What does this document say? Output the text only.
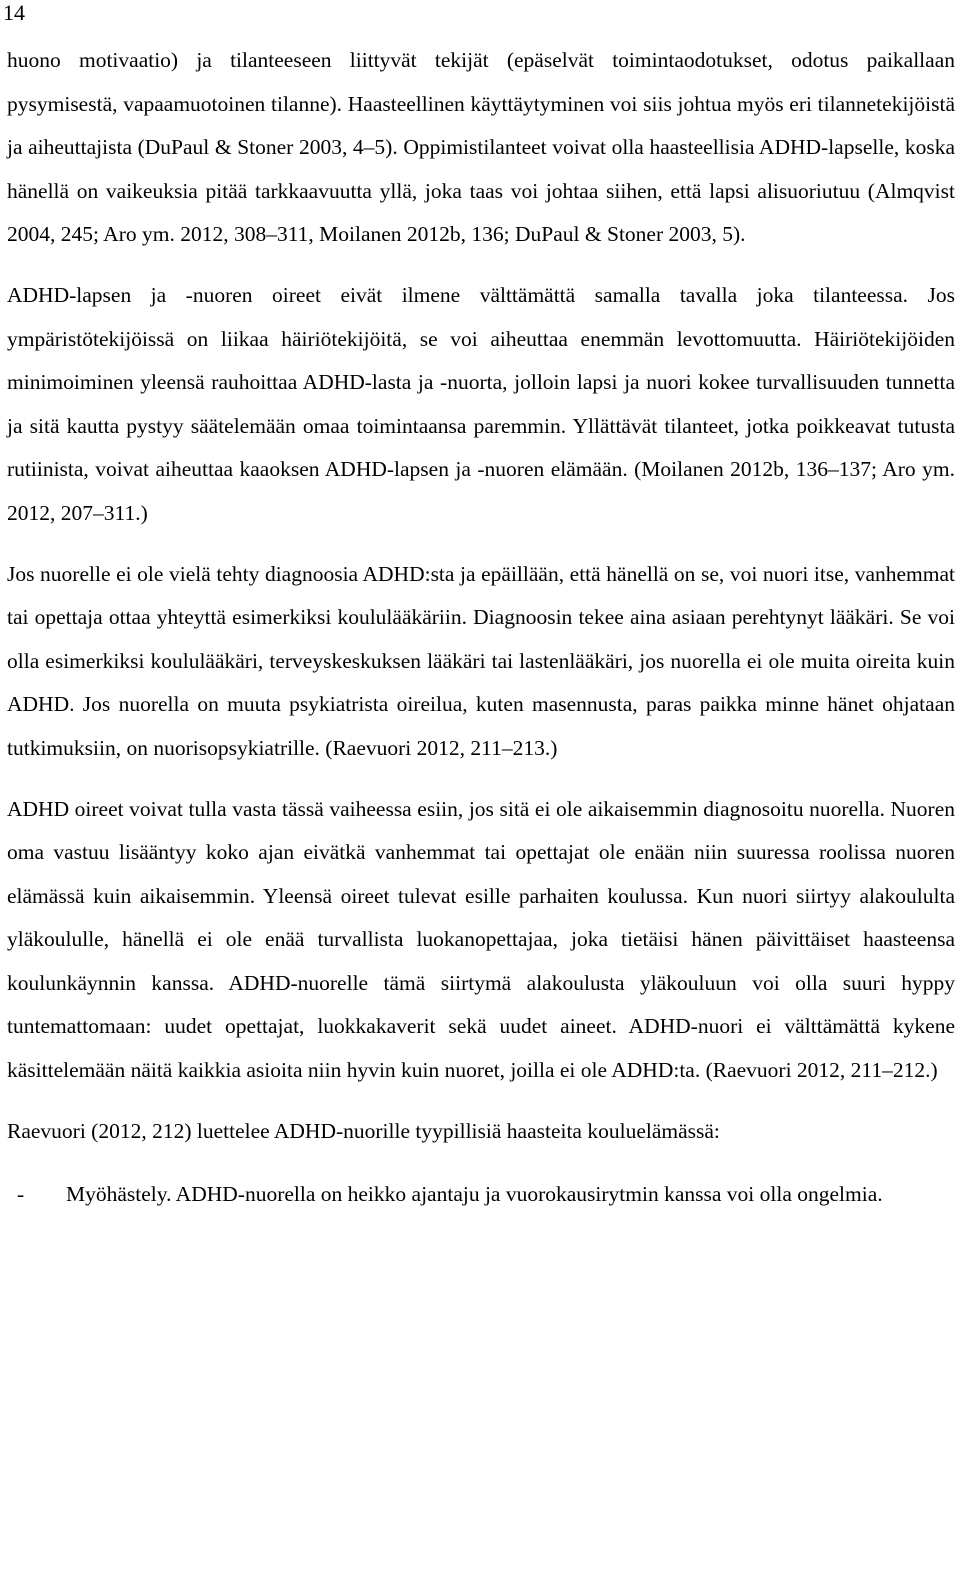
14

huono motivaatio) ja tilanteeseen liittyvät tekijät (epäselvät toimintaodotukset, odotus paikallaan pysymisestä, vapaamuotoinen tilanne). Haasteellinen käyttäytyminen voi siis johtua myös eri tilannetekijöistä ja aiheuttajista (DuPaul & Stoner 2003, 4–5). Oppimistilanteet voivat olla haasteellisia ADHD-lapselle, koska hänellä on vaikeuksia pitää tarkkaavuutta yllä, joka taas voi johtaa siihen, että lapsi alisuoriutuu (Almqvist 2004, 245; Aro ym. 2012, 308–311, Moilanen 2012b, 136; DuPaul & Stoner 2003, 5).

ADHD-lapsen ja -nuoren oireet eivät ilmene välttämättä samalla tavalla joka tilanteessa. Jos ympäristötekijöissä on liikaa häiriötekijöitä, se voi aiheuttaa enemmän levottomuutta. Häiriötekijöiden minimoiminen yleensä rauhoittaa ADHD-lasta ja -nuorta, jolloin lapsi ja nuori kokee turvallisuuden tunnetta ja sitä kautta pystyy säätelemään omaa toimintaansa paremmin. Yllättävät tilanteet, jotka poikkeavat tutusta rutiinista, voivat aiheuttaa kaaoksen ADHD-lapsen ja -nuoren elämään. (Moilanen 2012b, 136–137; Aro ym. 2012, 207–311.)

Jos nuorelle ei ole vielä tehty diagnoosia ADHD:sta ja epäillään, että hänellä on se, voi nuori itse, vanhemmat tai opettaja ottaa yhteyttä esimerkiksi koululääkäriin. Diagnoosin tekee aina asiaan perehtynyt lääkäri. Se voi olla esimerkiksi koululääkäri, terveyskeskuksen lääkäri tai lastenlääkäri, jos nuorella ei ole muita oireita kuin ADHD. Jos nuorella on muuta psykiatrista oireilua, kuten masennusta, paras paikka minne hänet ohjataan tutkimuksiin, on nuorisopsykiatrille. (Raevuori 2012, 211–213.)

ADHD oireet voivat tulla vasta tässä vaiheessa esiin, jos sitä ei ole aikaisemmin diagnosoitu nuorella. Nuoren oma vastuu lisääntyy koko ajan eivätkä vanhemmat tai opettajat ole enään niin suuressa roolissa nuoren elämässä kuin aikaisemmin. Yleensä oireet tulevat esille parhaiten koulussa. Kun nuori siirtyy alakoululta yläkoululle, hänellä ei ole enää turvallista luokanopettajaa, joka tietäisi hänen päivittäiset haasteensa koulunkäynnin kanssa. ADHD-nuorelle tämä siirtymä alakoulusta yläkouluun voi olla suuri hyppy tuntemattomaan: uudet opettajat, luokkakaverit sekä uudet aineet. ADHD-nuori ei välttämättä kykene käsittelemään näitä kaikkia asioita niin hyvin kuin nuoret, joilla ei ole ADHD:ta. (Raevuori 2012, 211–212.)

Raevuori (2012, 212) luettelee ADHD-nuorille tyypillisiä haasteita kouluelämässä:

-	Myöhästely. ADHD-nuorella on heikko ajantaju ja vuorokausirytmin kanssa voi olla ongelmia.
